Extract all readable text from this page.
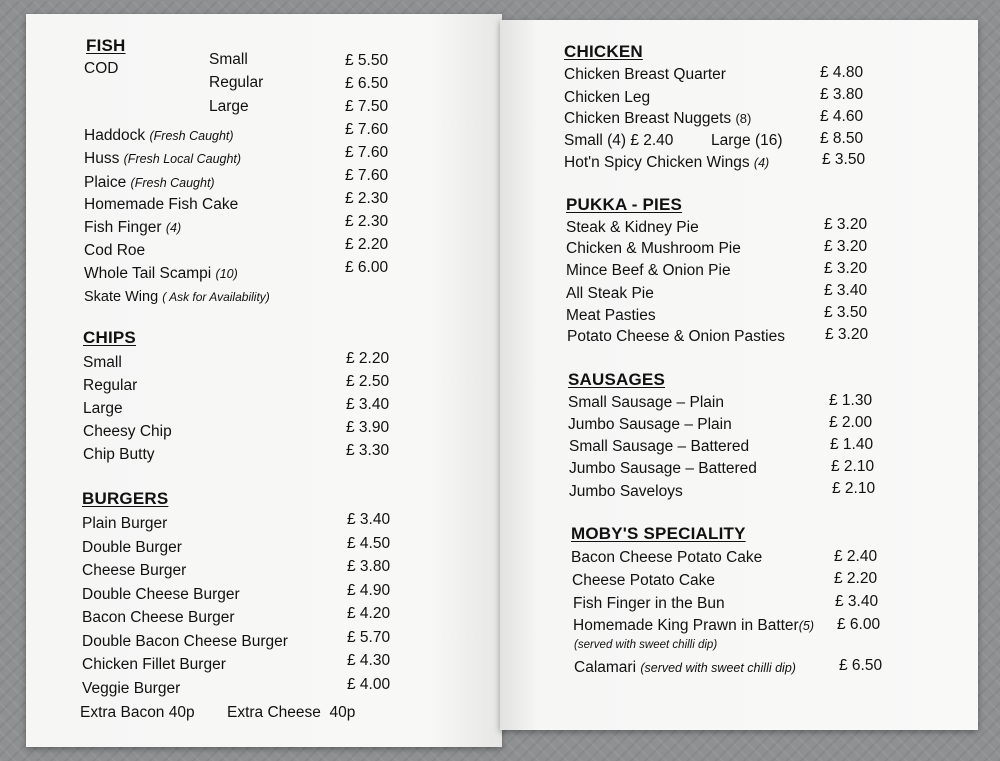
FISH
COD
Small	£ 5.50
Regular	£ 6.50
Large	£ 7.50
Haddock (Fresh Caught)	£ 7.60
Huss (Fresh Local Caught)	£ 7.60
Plaice (Fresh Caught)	£ 7.60
Homemade Fish Cake	£ 2.30
Fish Finger (4)	£ 2.30
Cod Roe	£ 2.20
Whole Tail Scampi (10)	£ 6.00
Skate Wing ( Ask for Availability)
CHIPS
Small	£ 2.20
Regular	£ 2.50
Large	£ 3.40
Cheesy Chip	£ 3.90
Chip Butty	£ 3.30
BURGERS
Plain Burger	£ 3.40
Double Burger	£ 4.50
Cheese Burger	£ 3.80
Double Cheese Burger	£ 4.90
Bacon Cheese Burger	£ 4.20
Double Bacon Cheese Burger	£ 5.70
Chicken Fillet Burger	£ 4.30
Veggie Burger	£ 4.00
Extra Bacon 40p Extra Cheese  40p
CHICKEN
Chicken Breast Quarter	£ 4.80
Chicken Leg	£ 3.80
Chicken Breast Nuggets (8)	£ 4.60
Small (4) £ 2.40 Large (16) £ 8.50
Hot'n Spicy Chicken Wings (4)	£ 3.50
PUKKA - PIES
Steak & Kidney Pie	£ 3.20
Chicken & Mushroom Pie	£ 3.20
Mince Beef & Onion Pie	£ 3.20
All Steak Pie	£ 3.40
Meat Pasties	£ 3.50
Potato Cheese & Onion Pasties	£ 3.20
SAUSAGES
Small Sausage – Plain	£ 1.30
Jumbo Sausage – Plain	£ 2.00
Small Sausage – Battered	£ 1.40
Jumbo Sausage – Battered	£ 2.10
Jumbo Saveloys	£ 2.10
MOBY'S SPECIALITY
Bacon Cheese Potato Cake	£ 2.40
Cheese Potato Cake	£ 2.20
Fish Finger in the Bun	£ 3.40
Homemade King Prawn in Batter(5) £ 6.00
(served with sweet chilli dip)
Calamari (served with sweet chilli dip)	£ 6.50
